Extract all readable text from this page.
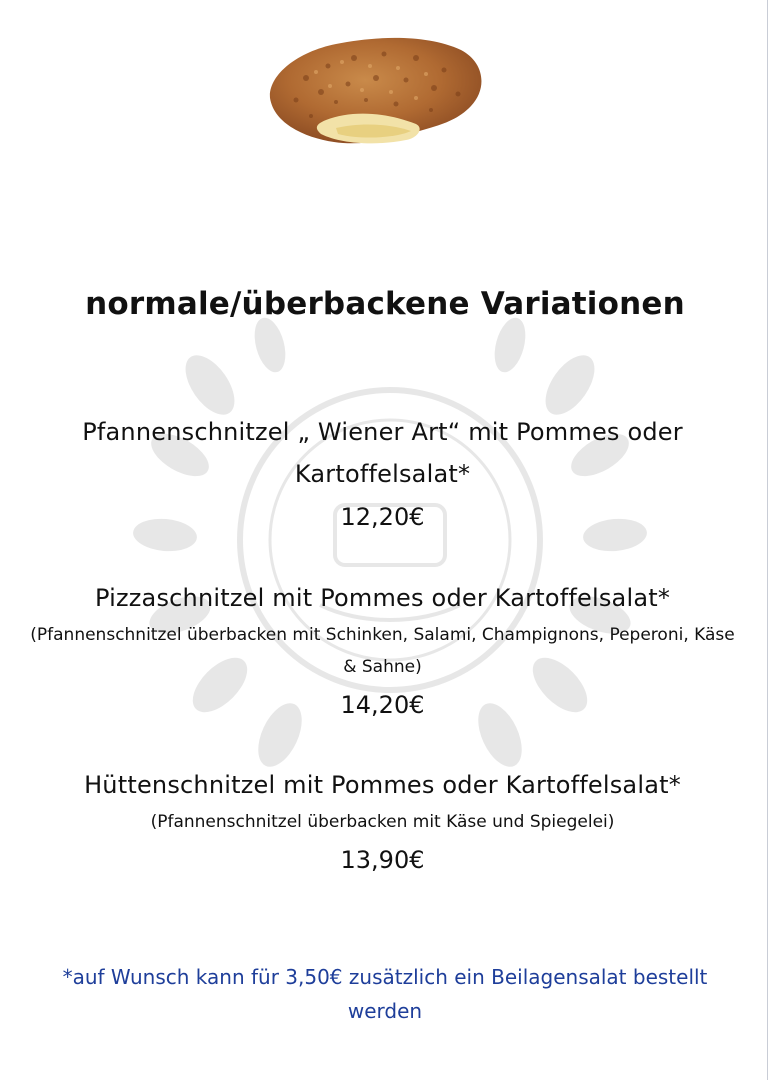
normale/überbackene Variationen
Pfannenschnitzel „ Wiener Art“ mit Pommes oder Kartoffelsalat*
12,20€
Pizzaschnitzel mit Pommes oder Kartoffelsalat*
(Pfannenschnitzel überbacken mit Schinken, Salami, Champignons, Peperoni, Käse & Sahne)
14,20€
Hüttenschnitzel mit Pommes oder Kartoffelsalat*
(Pfannenschnitzel überbacken mit Käse und Spiegelei)
13,90€
*auf Wunsch kann für 3,50€ zusätzlich ein Beilagensalat bestellt werden
